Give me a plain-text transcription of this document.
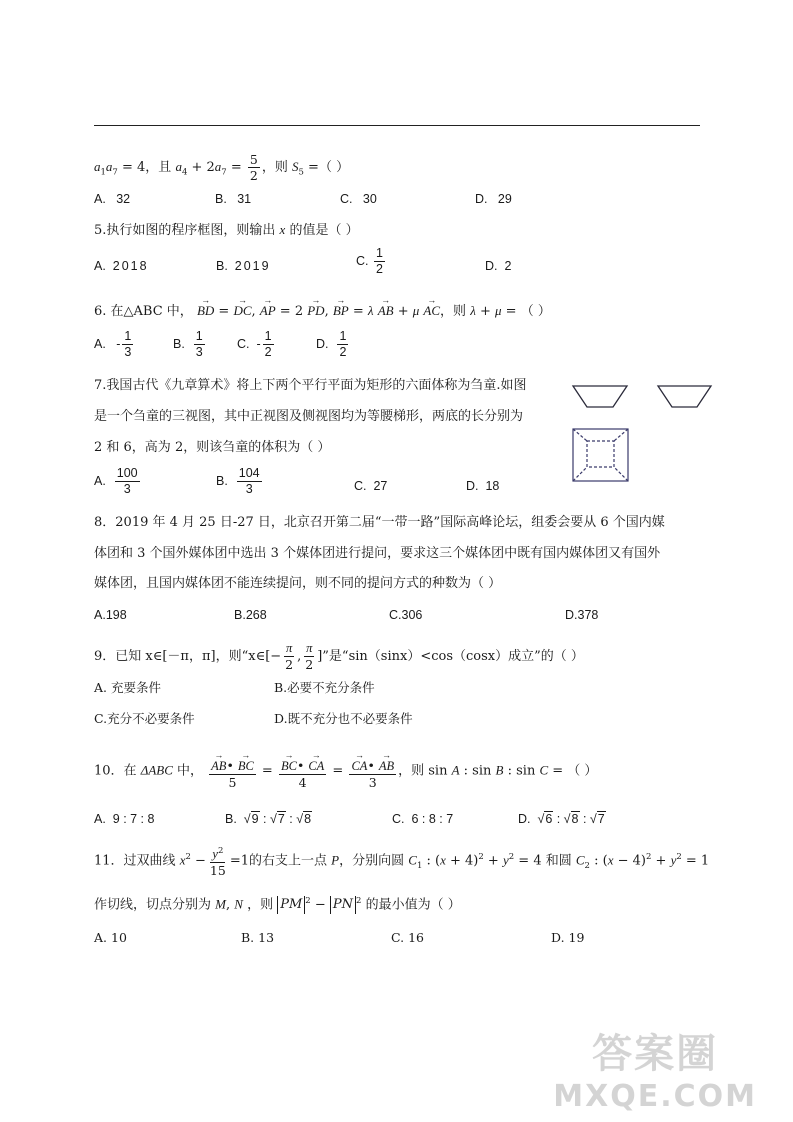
$a_1a_7 = 4$，且 $a_4 + 2a_7 = \frac{5}{2}$ ，则 $S_5$ =（ ）
A. 32	B. 31	C. 30	D. 29
5.执行如图的程序框图，则输出 x 的值是（ ）
A. 2018	B. 2019	C. $\frac{1}{2}$	D. 2
6. 在△ABC 中， → BD = → DC, → AP = 2 → PD, → BP = λ → AB + μ → AC，则 λ + μ = （ ）
A. - $\frac{1}{3}$	B. $\frac{1}{3}$	C. - $\frac{1}{2}$	D. $\frac{1}{2}$
7.我国古代《九章算术》将上下两个平行平面为矩形的六面体称为刍童.如图
是一个刍童的三视图，其中正视图及侧视图均为等腰梯形，两底的长分别为
2 和 6，高为 2，则该刍童的体积为（ ）
A. $\frac{100}{3}$	B. $\frac{104}{3}$	C. 27	D. 18
8．2019 年 4 月 25 日-27 日，北京召开第二届“一带一路”国际高峰论坛，组委会要从 6 个国内媒
体团和 3 个国外媒体团中选出 3 个媒体团进行提问，要求这三个媒体团中既有国内媒体团又有国外
媒体团，且国内媒体团不能连续提问，则不同的提问方式的种数为（ ）
A.198	B.268	C.306	D.378
9．已知 x∈[－π，π]，则“x∈[− $\frac{\pi}{2}$ , $\frac{\pi}{2}$ ]”是“sin（sinx）<cos（cosx）成立”的（ ）
A. 充要条件	B.必要不充分条件
C.充分不必要条件	D.既不充分也不必要条件
10．在 ΔABC 中， → $\frac{AB• \to BC}{5}$ = → $\frac{BC• \to CA}{4}$ = → $\frac{CA• \to AB}{3}$ ，则 sin A : sin B : sin C = （ ）
A. 9 : 7 : 8	B.  √9 : √7 : √8	C. 6 : 8 : 7	D.  √6 : √8 : √7
11．过双曲线 $x^2 - \frac{y^2}{15} =1$的右支上一点 P，分别向圆 $C_1$ : $(x + 4)^2 + y^2 = 4$ 和圆 $C_2$ : $(x - 4)^2 + y^2 = 1$
作切线，切点分别为 M, N ，则 PM $^2$ − PN $^2$ 的最小值为（ ）
A. 10	B. 13	C. 16	D. 19
答案圈
MXQE.COM
